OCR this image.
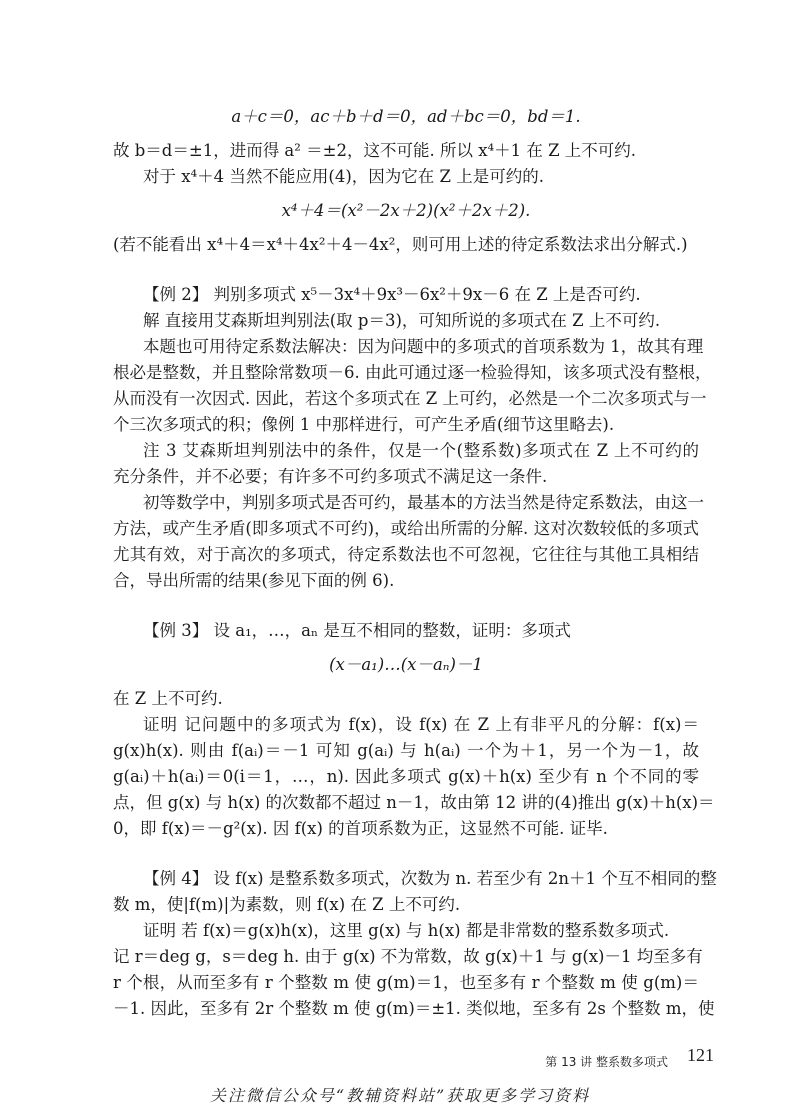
a＋c＝0，ac＋b＋d＝0，ad＋bc＝0，bd＝1.
故 b＝d＝±1，进而得 a² ＝±2，这不可能. 所以 x⁴＋1 在 Z 上不可约.
对于 x⁴＋4 当然不能应用(4)，因为它在 Z 上是可约的.
x⁴＋4＝(x²－2x＋2)(x²＋2x＋2).
(若不能看出 x⁴＋4＝x⁴＋4x²＋4－4x²，则可用上述的待定系数法求出分解式.)
【例 2】 判别多项式 x⁵－3x⁴＋9x³－6x²＋9x－6 在 Z 上是否可约.
解 直接用艾森斯坦判别法(取 p＝3)，可知所说的多项式在 Z 上不可约.
本题也可用待定系数法解决：因为问题中的多项式的首项系数为 1，故其有理
根必是整数，并且整除常数项－6. 由此可通过逐一检验得知，该多项式没有整根，
从而没有一次因式. 因此，若这个多项式在 Z 上可约，必然是一个二次多项式与一
个三次多项式的积；像例 1 中那样进行，可产生矛盾(细节这里略去).
注 3 艾森斯坦判别法中的条件，仅是一个(整系数)多项式在 Z 上不可约的
充分条件，并不必要；有许多不可约多项式不满足这一条件.
初等数学中，判别多项式是否可约，最基本的方法当然是待定系数法，由这一
方法，或产生矛盾(即多项式不可约)，或给出所需的分解. 这对次数较低的多项式
尤其有效，对于高次的多项式，待定系数法也不可忽视，它往往与其他工具相结
合，导出所需的结果(参见下面的例 6).
【例 3】 设 a₁，…，aₙ 是互不相同的整数，证明：多项式
(x－a₁)…(x－aₙ)－1
在 Z 上不可约.
证明 记问题中的多项式为 f(x)，设 f(x) 在 Z 上有非平凡的分解：f(x)＝
g(x)h(x). 则由 f(aᵢ)＝－1 可知 g(aᵢ) 与 h(aᵢ) 一个为＋1，另一个为－1，故
g(aᵢ)＋h(aᵢ)＝0(i＝1，…，n). 因此多项式 g(x)＋h(x) 至少有 n 个不同的零
点，但 g(x) 与 h(x) 的次数都不超过 n－1，故由第 12 讲的(4)推出 g(x)＋h(x)＝
0，即 f(x)＝－g²(x). 因 f(x) 的首项系数为正，这显然不可能. 证毕.
【例 4】 设 f(x) 是整系数多项式，次数为 n. 若至少有 2n＋1 个互不相同的整
数 m，使|f(m)|为素数，则 f(x) 在 Z 上不可约.
证明 若 f(x)＝g(x)h(x)，这里 g(x) 与 h(x) 都是非常数的整系数多项式.
记 r＝deg g，s＝deg h. 由于 g(x) 不为常数，故 g(x)＋1 与 g(x)－1 均至多有
r 个根，从而至多有 r 个整数 m 使 g(m)＝1，也至多有 r 个整数 m 使 g(m)＝
－1. 因此，至多有 2r 个整数 m 使 g(m)＝±1. 类似地，至多有 2s 个整数 m，使
第 13 讲 整系数多项式 121
关注微信公众号“教辅资料站”获取更多学习资料
